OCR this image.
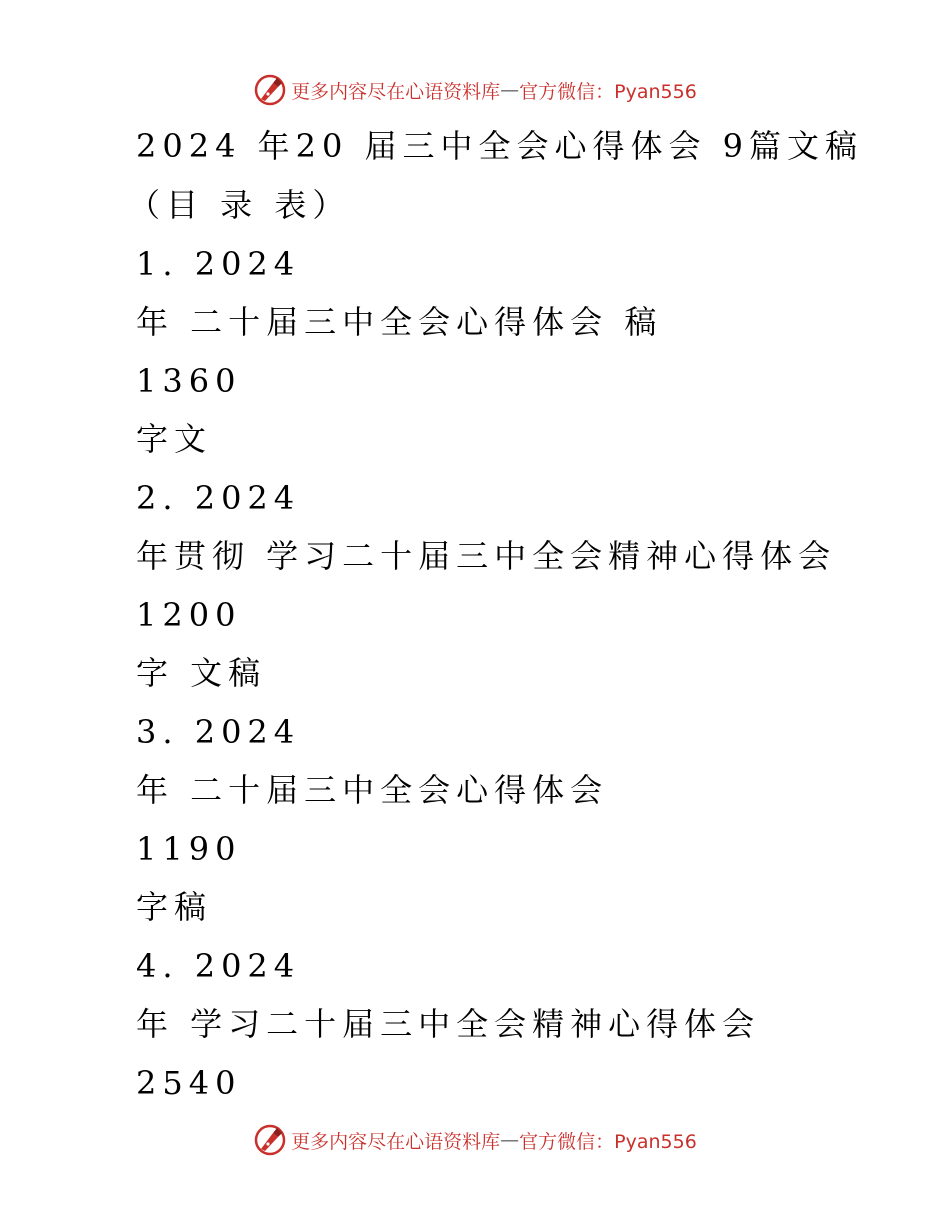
更多内容尽在心语资料库 — 官方微信：Pyan556
2024 年20 届三中全会心得体会 9篇文稿
（目 录 表）
1. 2024
年 二十届三中全会心得体会 稿
1360
字文
2. 2024
年贯彻 学习二十届三中全会精神心得体会
1200
字 文稿
3. 2024
年 二十届三中全会心得体会
1190
字稿
4. 2024
年 学习二十届三中全会精神心得体会
2540
更多内容尽在心语资料库 — 官方微信：Pyan556
